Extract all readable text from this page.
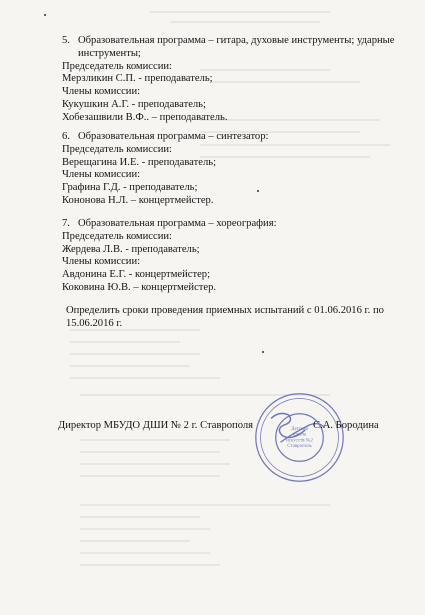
5. Образовательная программа – гитара, духовые инструменты; ударные
инструменты;
Председатель комиссии:
Мерзликин С.П. - преподаватель;
Члены комиссии:
Кукушкин А.Г. - преподаватель;
Хобезашвили В.Ф.. – преподаватель.
6. Образовательная программа – синтезатор:
Председатель комиссии:
Верещагина И.Е. - преподаватель;
Члены комиссии:
Графина Г.Д. - преподаватель;
Кононова Н.Л. – концертмейстер.
7. Образовательная программа – хореография:
Председатель комиссии:
Жердева Л.В. - преподаватель;
Члены комиссии:
Авдонина Е.Г. - концертмейстер;
Коковина Ю.В. – концертмейстер.
Определить сроки проведения приемных испытаний с 01.06.2016 г. по 15.06.2016 г.
Детская
школа
искусств №2
Ставрополь
Директор МБУДО ДШИ № 2 г. Ставрополя	С.А. Бородина
